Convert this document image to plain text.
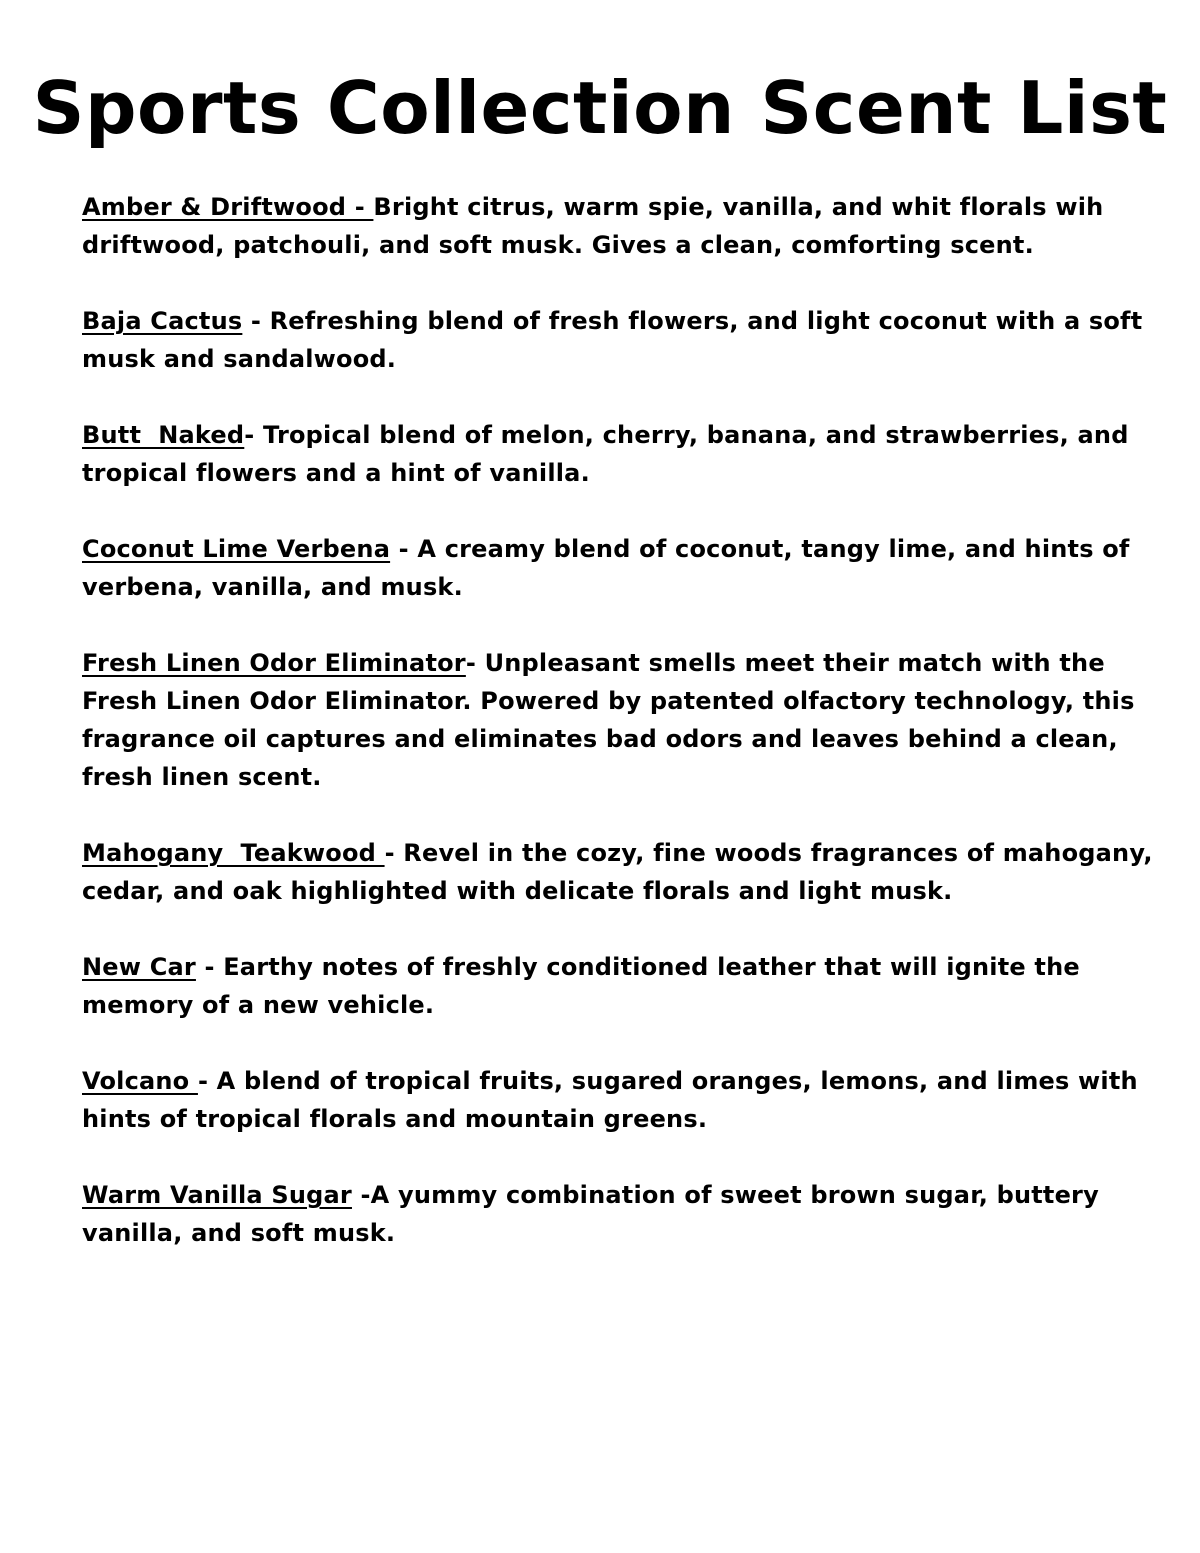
Sports Collection Scent List
Amber & Driftwood - Bright citrus, warm spie, vanilla, and whit florals wih driftwood, patchouli, and soft musk. Gives a clean, comforting scent.
Baja Cactus - Refreshing blend of fresh flowers, and light coconut with a soft musk and sandalwood.
Butt  Naked- Tropical blend of melon, cherry, banana, and strawberries, and tropical flowers and a hint of vanilla.
Coconut Lime Verbena - A creamy blend of coconut, tangy lime, and hints of verbena, vanilla, and musk.
Fresh Linen Odor Eliminator- Unpleasant smells meet their match with the Fresh Linen Odor Eliminator. Powered by patented olfactory technology, this fragrance oil captures and eliminates bad odors and leaves behind a clean, fresh linen scent.
Mahogany  Teakwood - Revel in the cozy, fine woods fragrances of mahogany, cedar, and oak highlighted with delicate florals and light musk.
New Car - Earthy notes of freshly conditioned leather that will ignite the memory of a new vehicle.
Volcano - A blend of tropical fruits, sugared oranges, lemons, and limes with hints of tropical florals and mountain greens.
Warm Vanilla Sugar -A yummy combination of sweet brown sugar, buttery vanilla, and soft musk.
